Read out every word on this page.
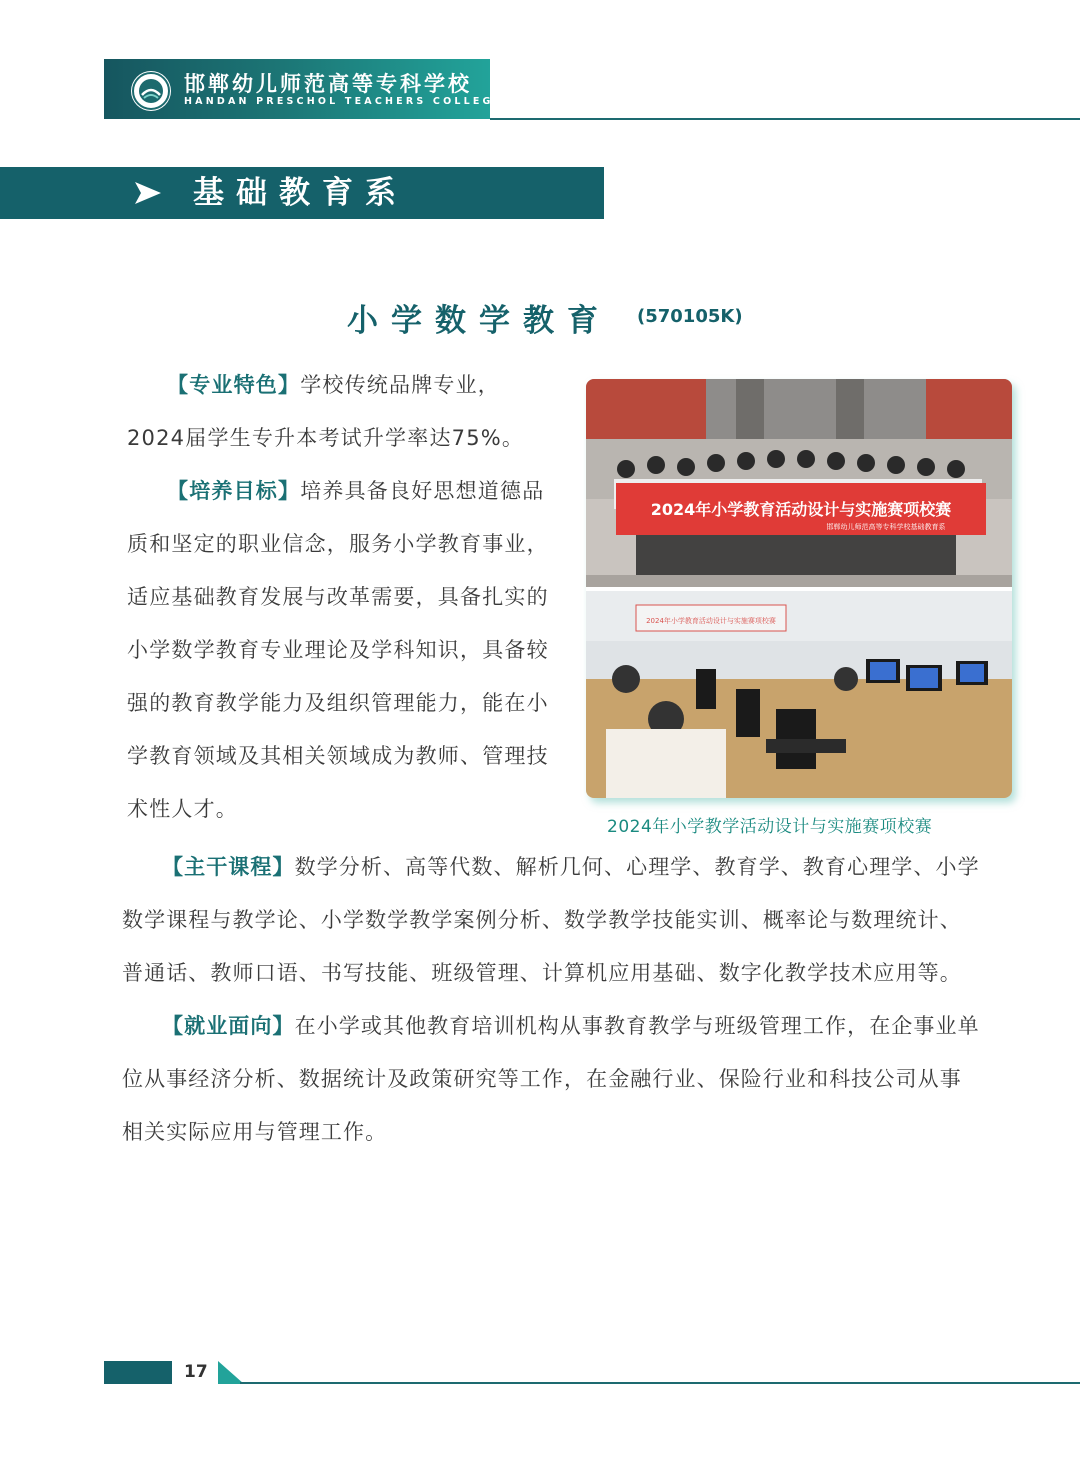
邯郸幼儿师范高等专科学校
HANDAN PRESCHOL TEACHERS COLLEGE
基础教育系
小学数学教育 (570105K)
【专业特色】学校传统品牌专业，2024届学生专升本考试升学率达75%。
【培养目标】培养具备良好思想道德品质和坚定的职业信念，服务小学教育事业，适应基础教育发展与改革需要，具备扎实的小学数学教育专业理论及学科知识，具备较强的教育教学能力及组织管理能力，能在小学教育领域及其相关领域成为教师、管理技术性人才。
2024年小学教育活动设计与实施赛项校赛
邯郸幼儿师范高等专科学校基础教育系
2024年小学教育活动设计与实施赛项校赛
2024年小学教学活动设计与实施赛项校赛
【主干课程】数学分析、高等代数、解析几何、心理学、教育学、教育心理学、小学数学课程与教学论、小学数学教学案例分析、数学教学技能实训、概率论与数理统计、普通话、教师口语、书写技能、班级管理、计算机应用基础、数字化教学技术应用等。
【就业面向】在小学或其他教育培训机构从事教育教学与班级管理工作，在企事业单位从事经济分析、数据统计及政策研究等工作，在金融行业、保险行业和科技公司从事相关实际应用与管理工作。
17
